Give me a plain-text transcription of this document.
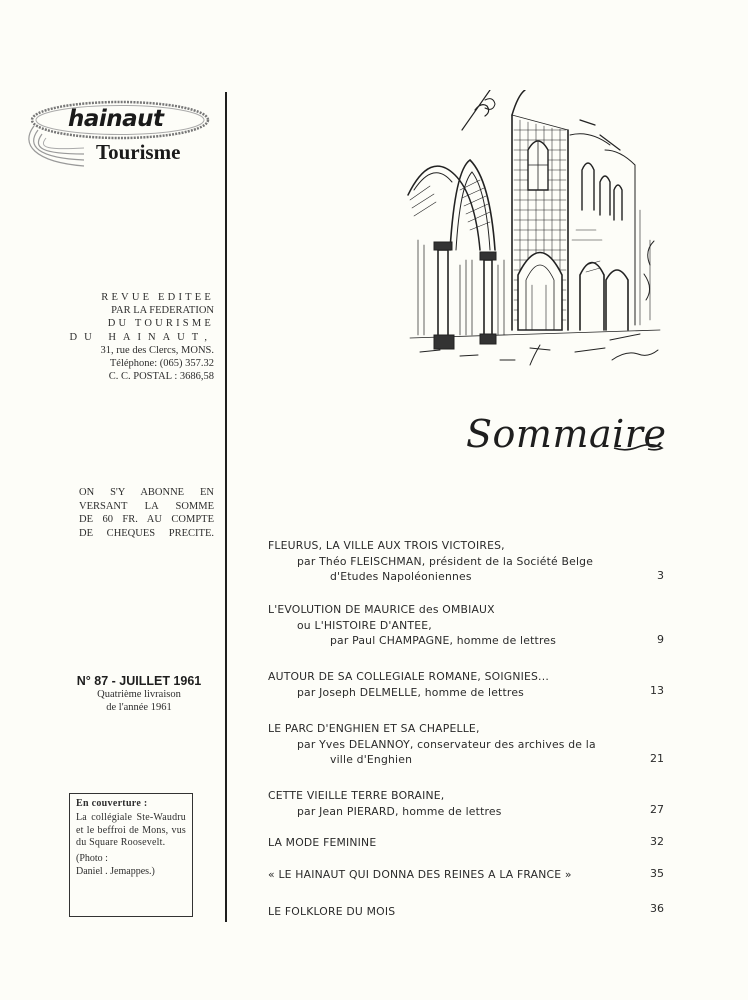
hainaut
Tourisme
REVUE EDITEE
PAR LA FEDERATION
DU TOURISME
DU HAINAUT,
31, rue des Clercs, MONS.
Téléphone: (065) 357.32
C. C. POSTAL : 3686,58
ON S'Y ABONNE EN
VERSANT LA SOMME
DE 60 FR. AU COMPTE
DE CHEQUES PRECITE.
N° 87 - JUILLET 1961
Quatrième livraison
de l'année 1961
En couverture :
La collégiale Ste-Waudru et le beffroi de Mons, vus du Square Roosevelt.
(Photo :
Daniel . Jemappes.)
Sommaire
FLEURUS, LA VILLE AUX TROIS VICTOIRES,
par Théo FLEISCHMAN, président de la Société Belge
d'Etudes Napoléoniennes	3
L'EVOLUTION DE MAURICE des OMBIAUX
ou L'HISTOIRE D'ANTEE,
par Paul CHAMPAGNE, homme de lettres	9
AUTOUR DE SA COLLEGIALE ROMANE, SOIGNIES...
par Joseph DELMELLE, homme de lettres	13
LE PARC D'ENGHIEN ET SA CHAPELLE,
par Yves DELANNOY, conservateur des archives de la
ville d'Enghien	21
CETTE VIEILLE TERRE BORAINE,
par Jean PIERARD, homme de lettres	27
LA MODE FEMININE	32
« LE HAINAUT QUI DONNA DES REINES A LA FRANCE »	35
LE FOLKLORE DU MOIS	36
